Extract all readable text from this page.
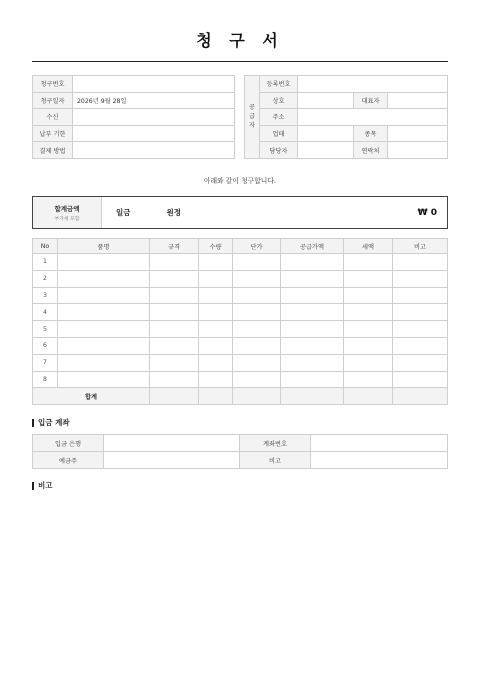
청 구 서
청구번호	
청구일자	2026년 9월 28일
수신	
납부 기한	
결제 방법	
공
급
자	등록번호			
	상호		대표자	
	주소			
	업태		종목	
	담당자		연락처	
아래와 같이 청구합니다.
합계금액
부가세 포함
일금	원정	₩ 0
No	품명	규격	수량	단가	공급가액	세액	비고
1							
2							
3							
4							
5							
6							
7							
8							
합계							
입금 계좌
입금 은행		계좌번호	
예금주		비고	
비고
